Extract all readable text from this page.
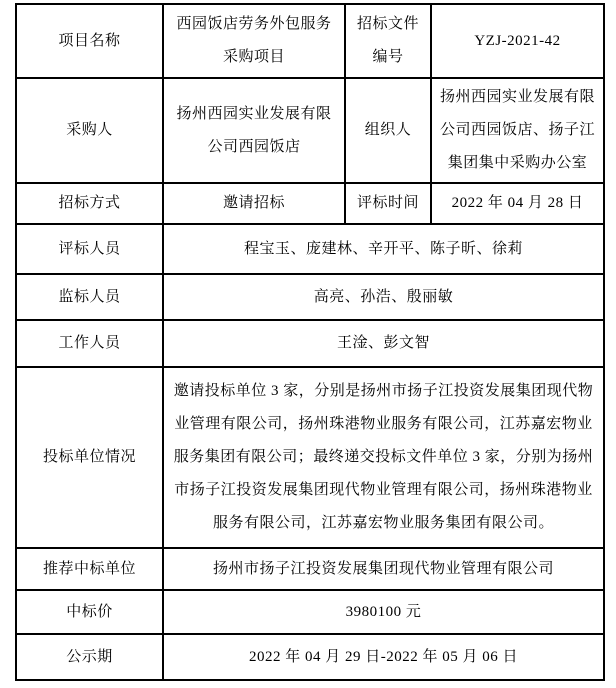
项目名称	西园饭店劳务外包服务采购项目	招标文件编号	YZJ-2021-42
采购人	扬州西园实业发展有限公司西园饭店	组织人	扬州西园实业发展有限公司西园饭店、扬子江集团集中采购办公室
招标方式	邀请招标	评标时间	2022 年 04 月 28 日
评标人员	程宝玉、庞建林、辛开平、陈子昕、徐莉		
监标人员	高亮、孙浩、殷丽敏		
工作人员	王淦、彭文智		
投标单位情况	邀请投标单位 3 家，分别是扬州市扬子江投资发展集团现代物业管理有限公司，扬州珠港物业服务有限公司，江苏嘉宏物业服务集团有限公司；最终递交投标文件单位 3 家，分别为扬州市扬子江投资发展集团现代物业管理有限公司，扬州珠港物业服务有限公司，江苏嘉宏物业服务集团有限公司。		
推荐中标单位	扬州市扬子江投资发展集团现代物业管理有限公司		
中标价	3980100 元		
公示期	2022 年 04 月 29 日-2022 年 05 月 06 日		
